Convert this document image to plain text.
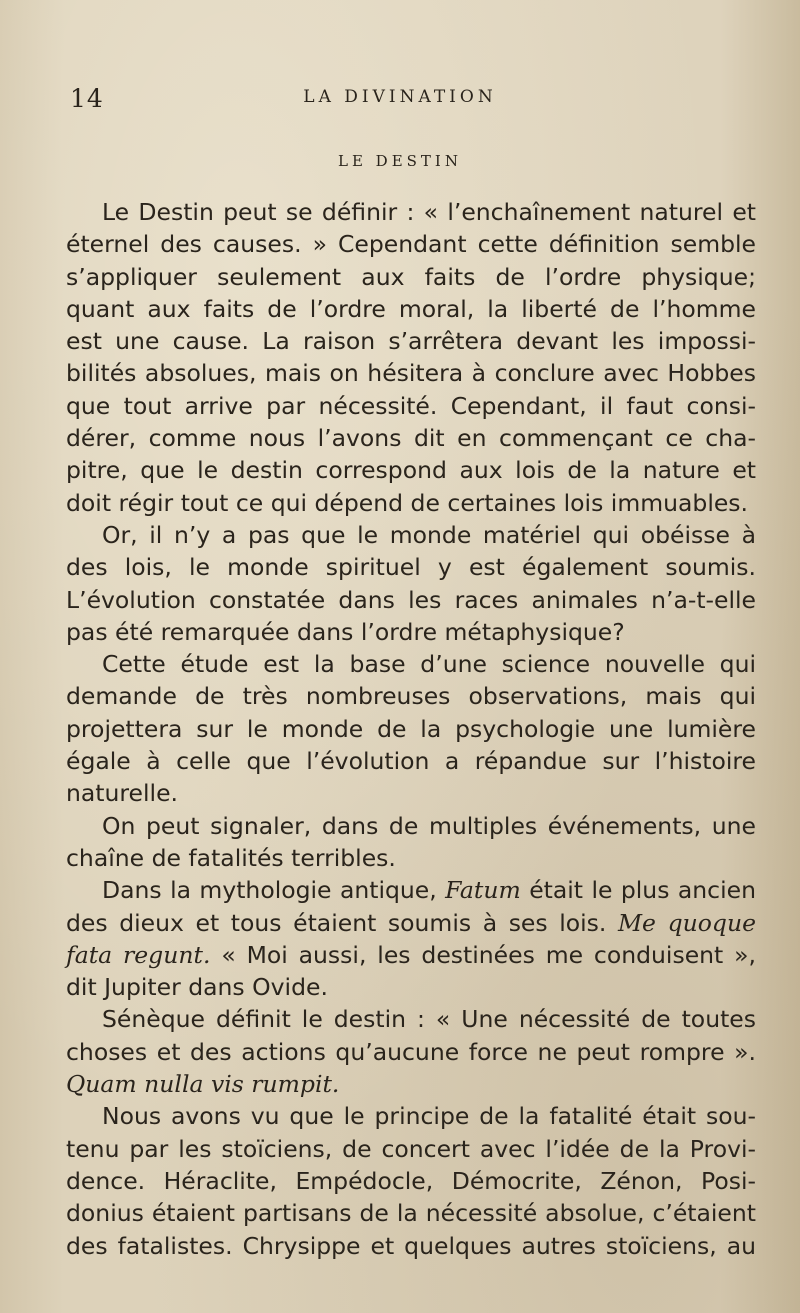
14	LA DIVINATION
LE DESTIN
Le Destin peut se définir : « l’enchaînement naturel et
éternel des causes. » Cependant cette définition semble
s’appliquer seulement aux faits de l’ordre physique;
quant aux faits de l’ordre moral, la liberté de l’homme
est une cause. La raison s’arrêtera devant les impossi-
bilités absolues, mais on hésitera à conclure avec Hobbes
que tout arrive par nécessité. Cependant, il faut consi-
dérer, comme nous l’avons dit en commençant ce cha-
pitre, que le destin correspond aux lois de la nature et
doit régir tout ce qui dépend de certaines lois immuables.
Or, il n’y a pas que le monde matériel qui obéisse à
des lois, le monde spirituel y est également soumis.
L’évolution constatée dans les races animales n’a-t-elle
pas été remarquée dans l’ordre métaphysique?
Cette étude est la base d’une science nouvelle qui
demande de très nombreuses observations, mais qui
projettera sur le monde de la psychologie une lumière
égale à celle que l’évolution a répandue sur l’histoire
naturelle.
On peut signaler, dans de multiples événements, une
chaîne de fatalités terribles.
Dans la mythologie antique, Fatum était le plus ancien
des dieux et tous étaient soumis à ses lois. Me quoque
fata regunt. « Moi aussi, les destinées me conduisent »,
dit Jupiter dans Ovide.
Sénèque définit le destin : « Une nécessité de toutes
choses et des actions qu’aucune force ne peut rompre ».
Quam nulla vis rumpit.
Nous avons vu que le principe de la fatalité était sou-
tenu par les stoïciens, de concert avec l’idée de la Provi-
dence. Héraclite, Empédocle, Démocrite, Zénon, Posi-
donius étaient partisans de la nécessité absolue, c’étaient
des fatalistes. Chrysippe et quelques autres stoïciens, au
